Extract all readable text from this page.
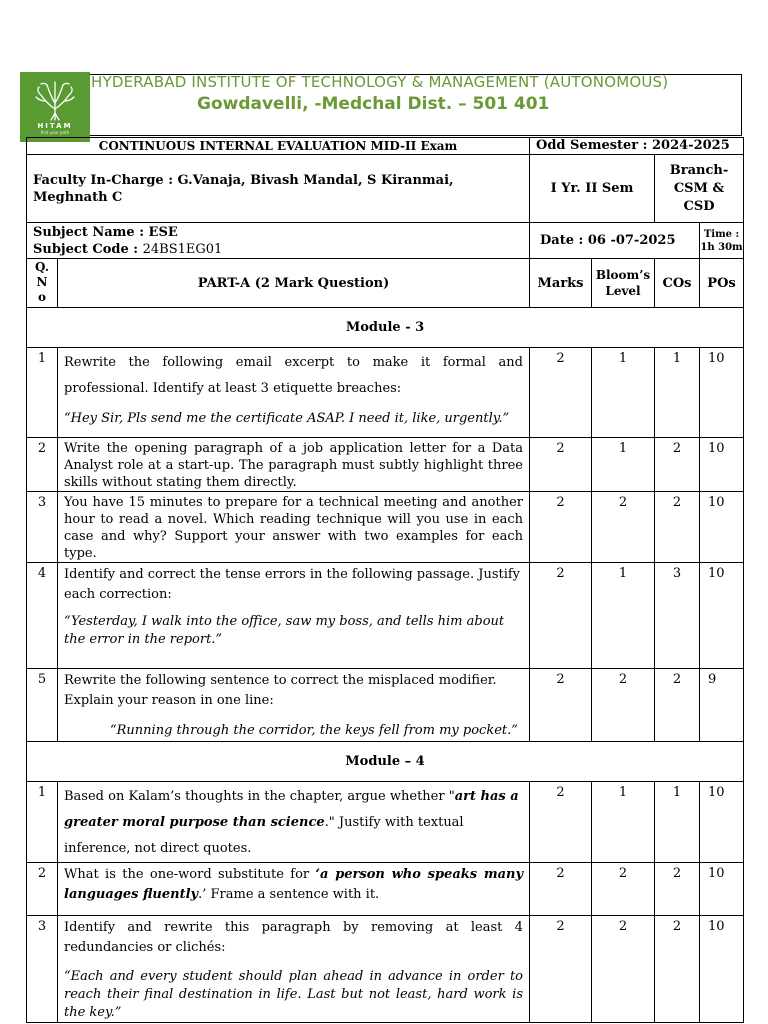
HITAM
find your path
HYDERABAD INSTITUTE OF TECHNOLOGY & MANAGEMENT (AUTONOMOUS)
Gowdavelli, -Medchal Dist. – 501 401
CONTINUOUS INTERNAL EVALUATION MID-II Exam		Odd Semester : 2024-2025			
Faculty In-Charge : G.Vanaja, Bivash Mandal, S Kiranmai, Meghnath C		I Yr. II Sem		Branch-CSM & CSD	

Subject Name : ESE
Subject Code : 24BS1EG01		Date : 06 -07-2025			Time : 1h 30m
Q. N o	PART-A (2 Mark Question)	Marks	Bloom’s Level	COs	POs
Module - 3					
1	Rewrite the following email excerpt to make it formal and professional. Identify at least 3 etiquette breaches:
“Hey Sir, Pls send me the certificate ASAP. I need it, like, urgently.”	2	1	1	10
2	Write the opening paragraph of a job application letter for a Data Analyst role at a start-up. The paragraph must subtly highlight three skills without stating them directly.	2	1	2	10
3	You have 15 minutes to prepare for a technical meeting and another hour to read a novel. Which reading technique will you use in each case and why? Support your answer with two examples for each type.	2	2	2	10
4	Identify and correct the tense errors in the following passage. Justify each correction:
“Yesterday, I walk into the office, saw my boss, and tells him about the error in the report.”	2	1	3	10
5	Rewrite the following sentence to correct the misplaced modifier. Explain your reason in one line:
“Running through the corridor, the keys fell from my pocket.”	2	2	2	9
Module – 4					
1	Based on Kalam’s thoughts in the chapter, argue whether "art has a greater moral purpose than science." Justify with textual inference, not direct quotes.	2	1	1	10
2	What is the one-word substitute for ‘a person who speaks many languages fluently.’ Frame a sentence with it.	2	2	2	10
3	Identify and rewrite this paragraph by removing at least 4 redundancies or clichés:
“Each and every student should plan ahead in advance in order to reach their final destination in life. Last but not least, hard work is the key.”	2	2	2	10
